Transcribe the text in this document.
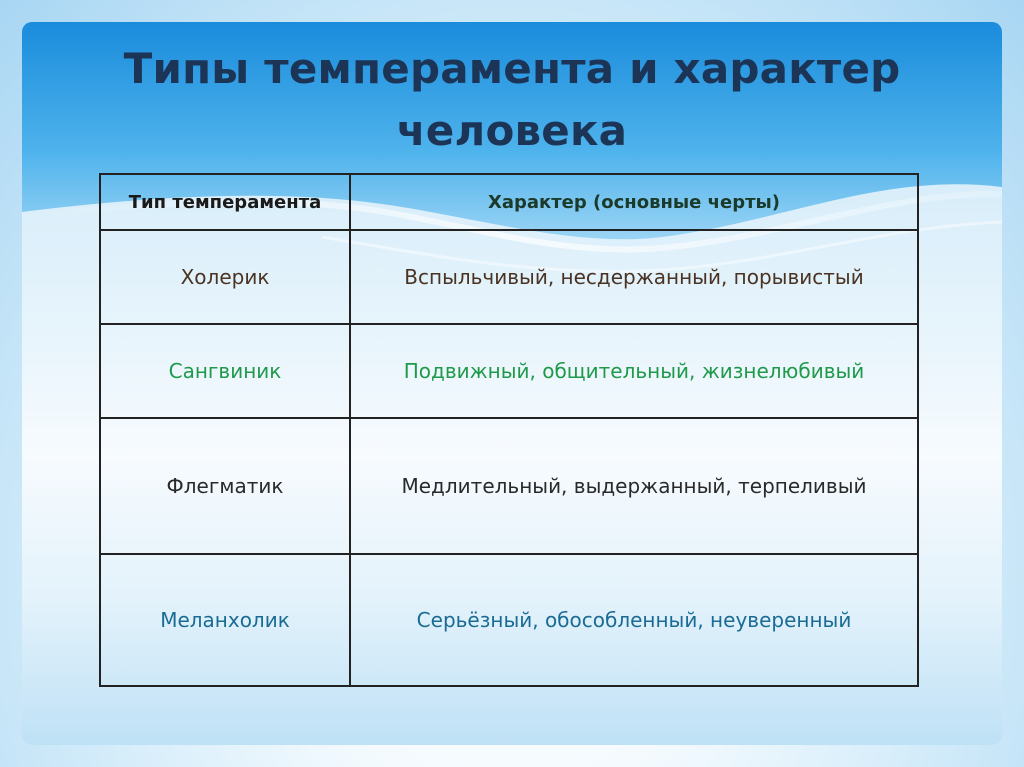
Типы темперамента и характер человека
Тип темперамента	Характер (основные черты)
Холерик	Вспыльчивый, несдержанный, порывистый
Сангвиник	Подвижный, общительный, жизнелюбивый
Флегматик	Медлительный, выдержанный, терпеливый
Меланхолик	Серьёзный, обособленный, неуверенный
